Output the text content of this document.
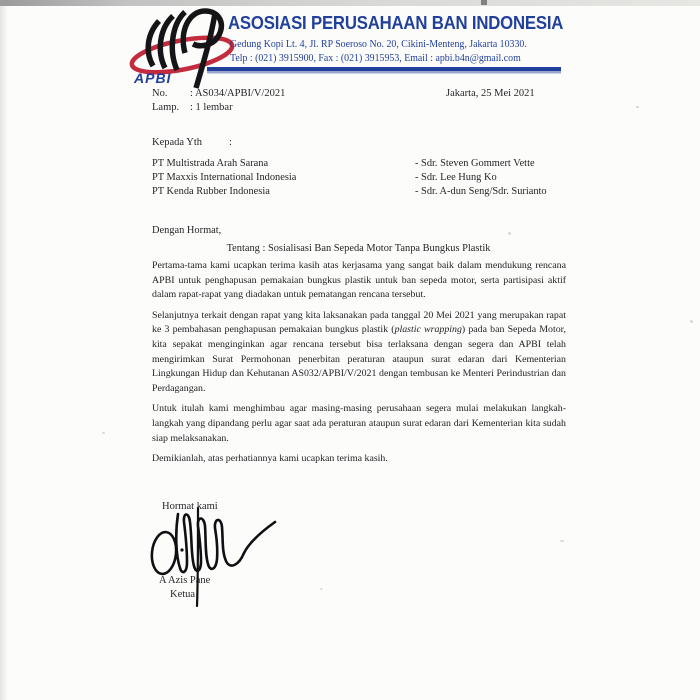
APBI
ASOSIASI PERUSAHAAN BAN INDONESIA
Gedung Kopi Lt. 4, Jl. RP Soeroso No. 20, Cikini-Menteng, Jakarta 10330.
Telp : (021) 3915900, Fax : (021) 3915953, Email : apbi.b4n@gmail.com
No. : AS034/APBI/V/2021	Jakarta, 25 Mei 2021
Lamp. : 1 lembar
Kepada Yth	:
PT Multistrada Arah Sarana
PT Maxxis International Indonesia
PT Kenda Rubber Indonesia
- Sdr. Steven Gommert Vette
- Sdr. Lee Hung Ko
- Sdr. A-dun Seng/Sdr. Surianto
Dengan Hormat,
Tentang : Sosialisasi Ban Sepeda Motor Tanpa Bungkus Plastik

Pertama-tama kami ucapkan terima kasih atas kerjasama yang sangat baik dalam mendukung rencana APBI untuk penghapusan pemakaian bungkus plastik untuk ban sepeda motor, serta partisipasi aktif dalam rapat-rapat yang diadakan untuk pematangan rencana tersebut.

Selanjutnya terkait dengan rapat yang kita laksanakan pada tanggal 20 Mei 2021 yang merupakan rapat ke 3 pembahasan penghapusan pemakaian bungkus plastik (plastic wrapping) pada ban Sepeda Motor, kita sepakat menginginkan agar rencana tersebut bisa terlaksana dengan segera dan APBI telah mengirimkan Surat Permohonan penerbitan peraturan ataupun surat edaran dari Kementerian Lingkungan Hidup dan Kehutanan AS032/APBI/V/2021 dengan tembusan ke Menteri Perindustrian dan Perdagangan.

Untuk itulah kami menghimbau agar masing-masing perusahaan segera mulai melakukan langkah-langkah yang dipandang perlu agar saat ada peraturan ataupun surat edaran dari Kementerian kita sudah siap melaksanakan.

Demikianlah, atas perhatiannya kami ucapkan terima kasih.

Hormat kami
A Azis Pane
Ketua
